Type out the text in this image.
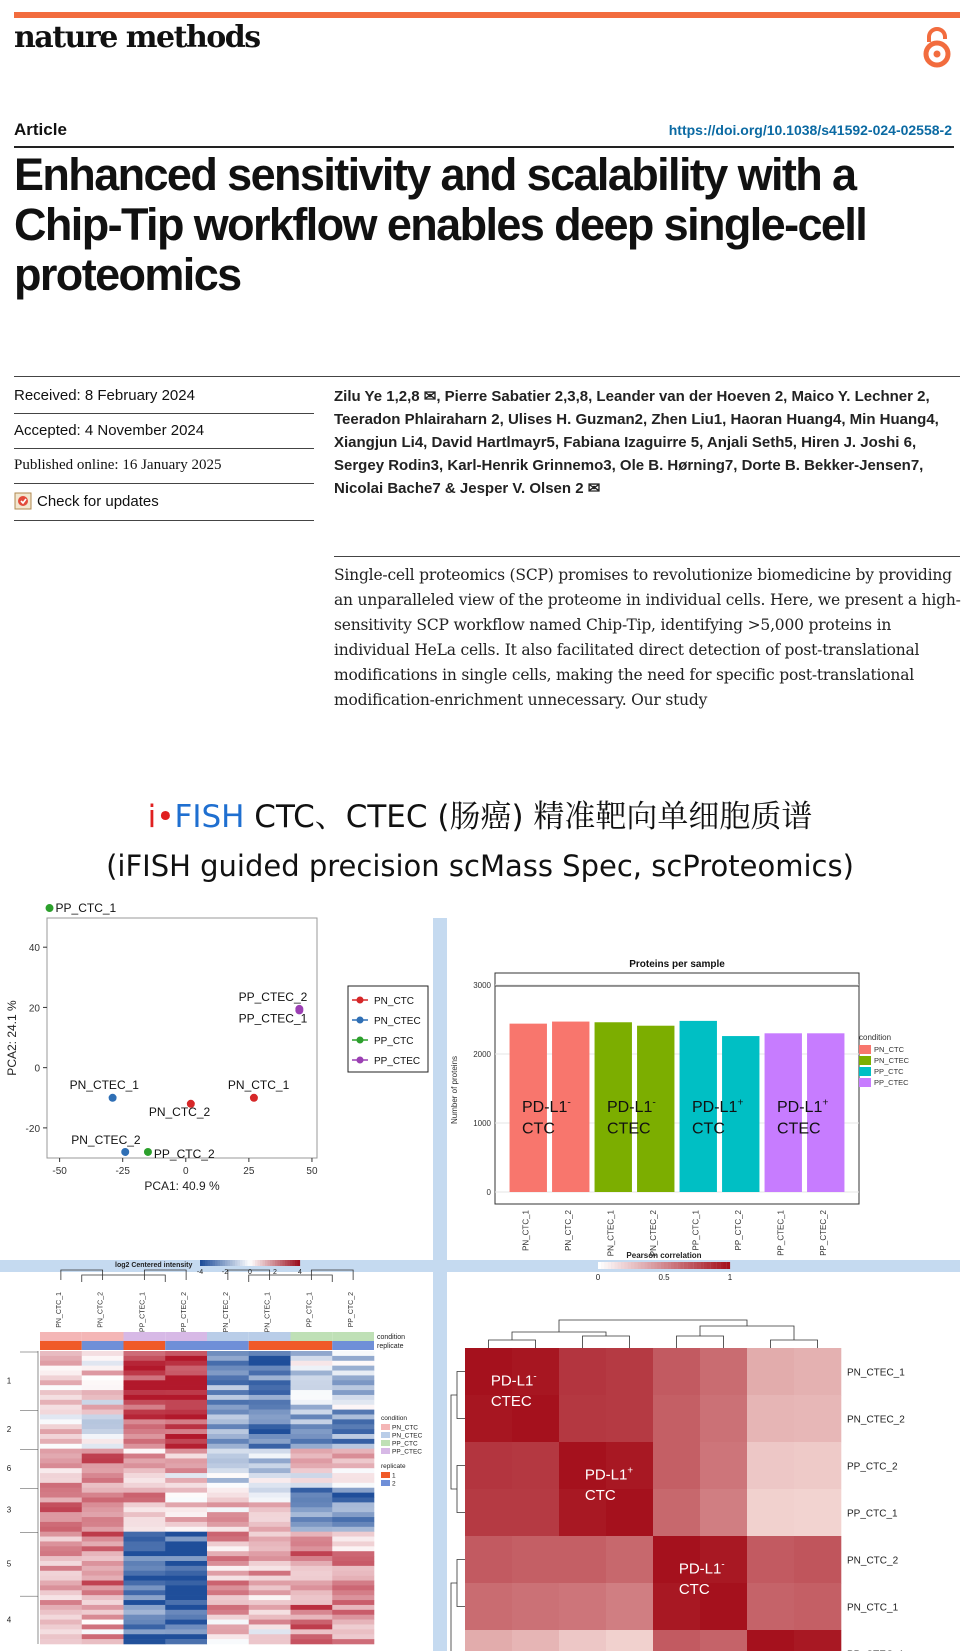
nature methods
Article	https://doi.org/10.1038/s41592-024-02558-2
Enhanced sensitivity and scalability with a Chip-Tip workflow enables deep single-cell proteomics
Received: 8 February 2024
Accepted: 4 November 2024
Published online: 16 January 2025
Check for updates
Zilu Ye 1,2,8 ✉, Pierre Sabatier 2,3,8, Leander van der Hoeven 2, Maico Y. Lechner 2, Teeradon Phlairaharn 2, Ulises H. Guzman2, Zhen Liu1, Haoran Huang4, Min Huang4, Xiangjun Li4, David Hartlmayr5, Fabiana Izaguirre 5, Anjali Seth5, Hiren J. Joshi 6, Sergey Rodin3, Karl-Henrik Grinnemo3, Ole B. Hørning7, Dorte B. Bekker-Jensen7, Nicolai Bache7 & Jesper V. Olsen 2 ✉
Single-cell proteomics (SCP) promises to revolutionize biomedicine by providing an unparalleled view of the proteome in individual cells. Here, we present a high-sensitivity SCP workflow named Chip-Tip, identifying >5,000 proteins in individual HeLa cells. It also facilitated direct detection of post-translational modifications in single cells, making the need for specific post-translational modification-enrichment unnecessary. Our study
i•FISH CTC、CTEC (肠癌) 精准靶向单细胞质谱
(iFISH guided precision scMass Spec, scProteomics)
-50	-25	0	25	50
-20
0
20
40
PCA1: 40.9 %
PCA2: 24.1 %
PP_CTC_1
PP_CTEC_2
PP_CTEC_1
PN_CTEC_1	PN_CTC_1
PN_CTC_2
PN_CTEC_2
PP_CTC_2
PN_CTC
PN_CTEC
PP_CTC
PP_CTEC
Proteins per sample
0
1000
2000
3000
Number of proteins
PN_CTC_1	PN_CTC_2	PN_CTEC_1	PN_CTEC_2	PP_CTC_1	PP_CTC_2	PP_CTEC_1	PP_CTEC_2
PD-L1-
CTC
PD-L1-
CTEC
PD-L1+
CTC
PD-L1+
CTEC
condition
PN_CTC
PN_CTEC
PP_CTC
PP_CTEC
log2 Centered intensity
-4	-2	0	2	4
PN_CTC_1	PN_CTC_2	PP_CTEC_1	PP_CTEC_2	PN_CTEC_2	PN_CTEC_1	PP_CTC_1	PP_CTC_2
condition
replicate
1
2
6
3
5
4
condition
PN_CTC
PN_CTEC
PP_CTC
PP_CTEC
replicate
1
2
Pearson correlation
0	0.5	1
PN_CTEC_1
PN_CTEC_2
PP_CTC_2
PP_CTC_1
PN_CTC_2
PN_CTC_1
PD-L1-
CTEC
PD-L1+
CTC
PD-L1-
CTC
